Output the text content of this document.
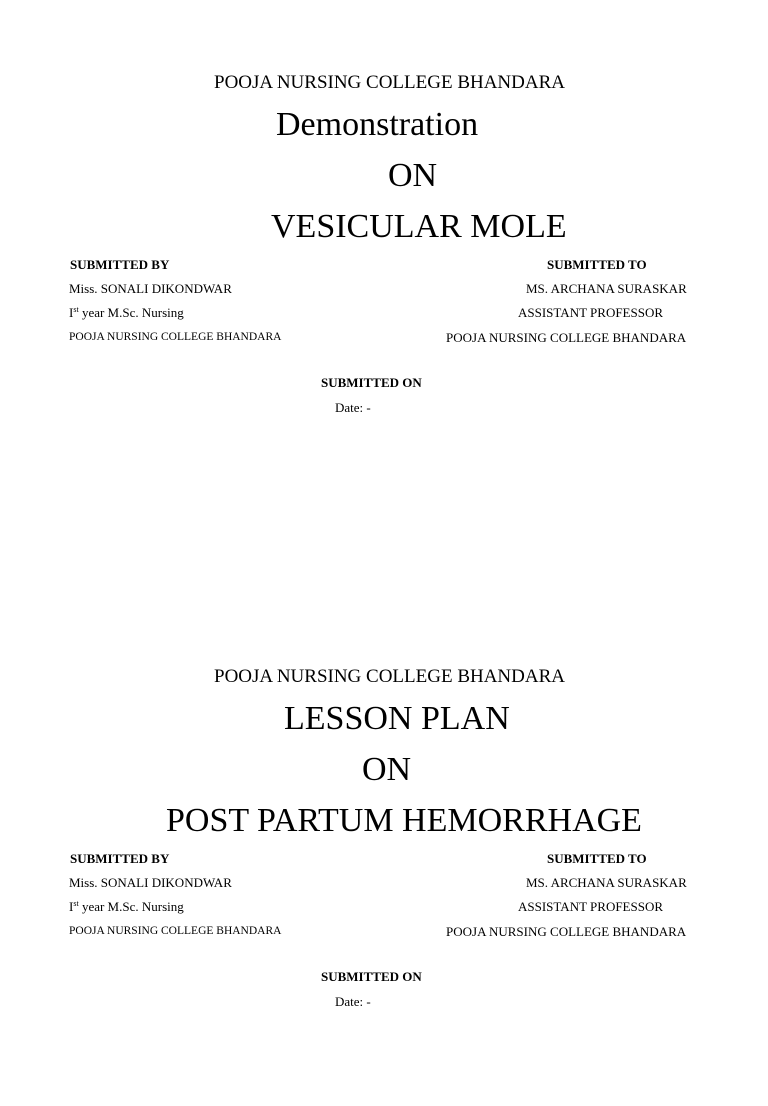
POOJA NURSING COLLEGE BHANDARA
Demonstration
ON
VESICULAR MOLE
SUBMITTED BY
Miss. SONALI DIKONDWAR
Ist year M.Sc. Nursing
POOJA NURSING COLLEGE BHANDARA
SUBMITTED TO
MS. ARCHANA SURASKAR
ASSISTANT PROFESSOR
POOJA NURSING COLLEGE BHANDARA
SUBMITTED ON
Date: -
POOJA NURSING COLLEGE BHANDARA
LESSON PLAN
ON
POST PARTUM HEMORRHAGE
SUBMITTED BY
Miss. SONALI DIKONDWAR
Ist year M.Sc. Nursing
POOJA NURSING COLLEGE BHANDARA
SUBMITTED TO
MS. ARCHANA SURASKAR
ASSISTANT PROFESSOR
POOJA NURSING COLLEGE BHANDARA
SUBMITTED ON
Date: -
